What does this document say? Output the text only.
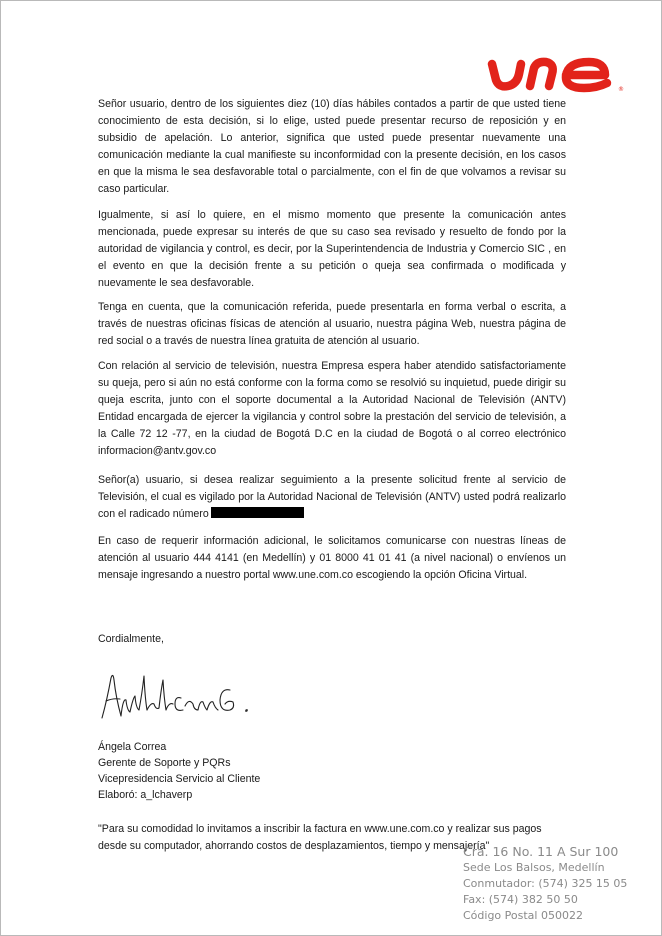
®

Señor usuario, dentro de los siguientes diez (10) días hábiles contados a partir de que usted tiene conocimiento de esta decisión, si lo elige, usted puede presentar recurso de reposición y en subsidio de apelación. Lo anterior, significa que usted puede presentar nuevamente una comunicación mediante la cual manifieste su inconformidad con la presente decisión, en los casos en que la misma le sea desfavorable total o parcialmente, con el fin de que volvamos a revisar su caso particular.

Igualmente, si así lo quiere, en el mismo momento que presente la comunicación antes mencionada, puede expresar su interés de que su caso sea revisado y resuelto de fondo por la autoridad de vigilancia y control, es decir, por la Superintendencia de Industria y Comercio SIC , en el evento en que la decisión frente a su petición o queja sea confirmada o modificada y nuevamente le sea desfavorable.

Tenga en cuenta, que la comunicación referida, puede presentarla en forma verbal o escrita, a través de nuestras oficinas físicas de atención al usuario, nuestra página Web, nuestra página de red social o a través de nuestra línea gratuita de atención al usuario.

Con relación al servicio de televisión, nuestra Empresa espera haber atendido satisfactoriamente su queja, pero si aún no está conforme con la forma como se resolvió su inquietud, puede dirigir su queja escrita, junto con el soporte documental a la Autoridad Nacional de Televisión (ANTV) Entidad encargada de ejercer la vigilancia y control sobre la prestación del servicio de televisión, a la Calle 72 12 -77, en la ciudad de Bogotá D.C en la ciudad de Bogotá o al correo electrónico informacion@antv.gov.co

Señor(a) usuario, si desea realizar seguimiento a la presente solicitud frente al servicio de Televisión, el cual es vigilado por la Autoridad Nacional de Televisión (ANTV) usted podrá realizarlo con el radicado número

En caso de requerir información adicional, le solicitamos comunicarse con nuestras líneas de atención al usuario 444 4141 (en Medellín) y 01 8000 41 01 41 (a nivel nacional) o envíenos un mensaje ingresando a nuestro portal www.une.com.co escogiendo la opción Oficina Virtual.

Cordialmente,

Ángela Correa
Gerente de Soporte y PQRs
Vicepresidencia Servicio al Cliente
Elaboró: a_lchaverp

"Para su comodidad lo invitamos a inscribir la factura en www.une.com.co y realizar sus pagos desde su computador, ahorrando costos de desplazamientos, tiempo y mensajería"

Cra. 16 No. 11 A Sur 100
Sede Los Balsos, Medellín
Conmutador: (574) 325 15 05
Fax: (574) 382 50 50
Código Postal 050022
